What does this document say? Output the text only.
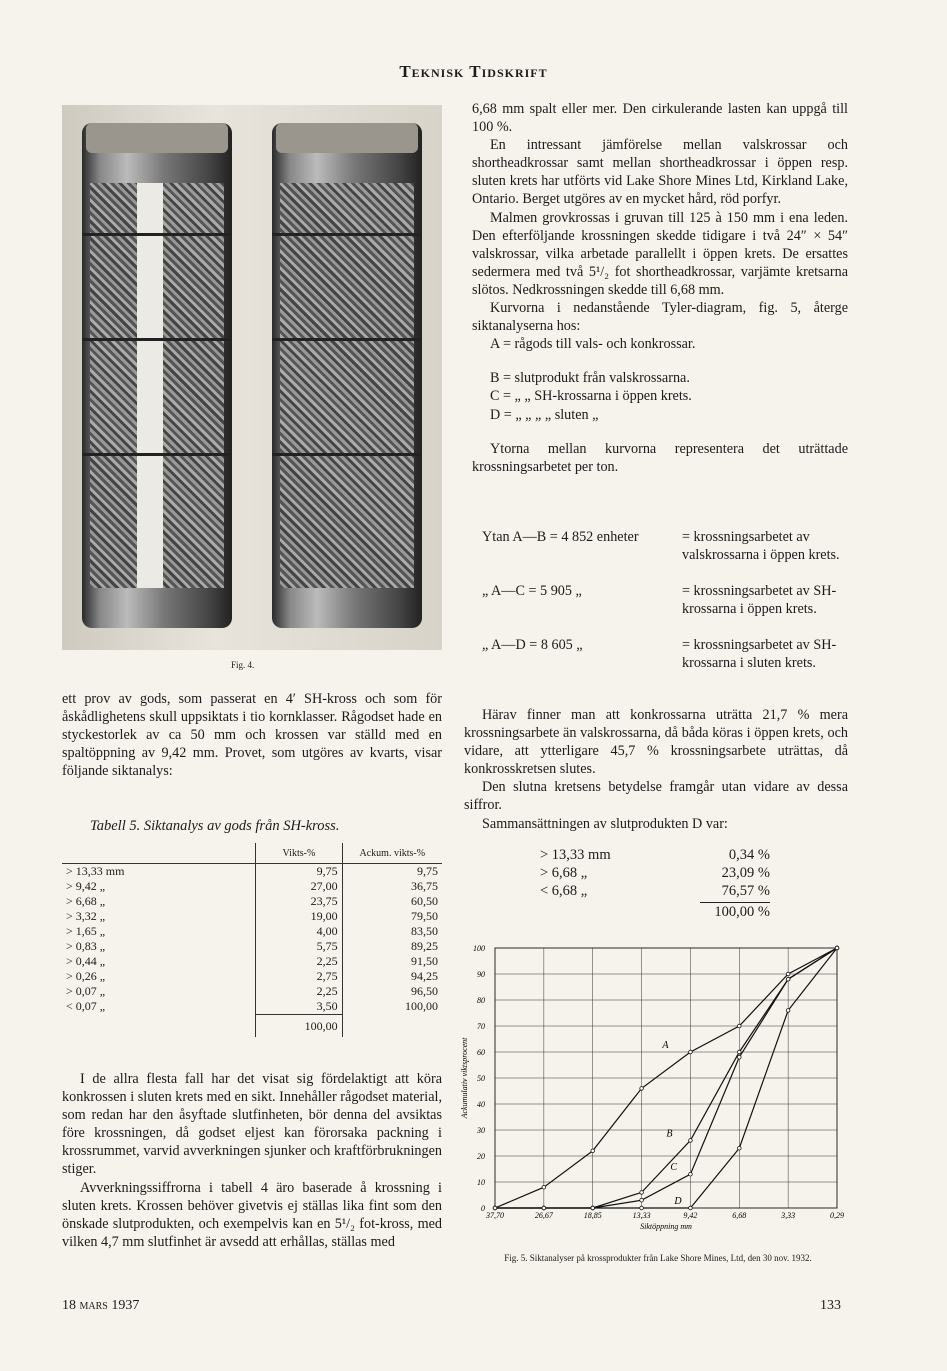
Teknisk Tidskrift
Fig. 4.

ett prov av gods, som passerat en 4′ SH-kross och som för åskådlighetens skull uppsiktats i tio kornklasser. Rågodset hade en styckestorlek av ca 50 mm och krossen var ställd med en spaltöppning av 9,42 mm. Provet, som utgöres av kvarts, visar följande siktanalys:

Tabell 5. Siktanalys av gods från SH-kross.
	Vikts-%	Ackum. vikts-%
> 13,33 mm	9,75	9,75
> 9,42 „	27,00	36,75
> 6,68 „	23,75	60,50
> 3,32 „	19,00	79,50
> 1,65 „	4,00	83,50
> 0,83 „	5,75	89,25
> 0,44 „	2,25	91,50
> 0,26 „	2,75	94,25
> 0,07 „	2,25	96,50
< 0,07 „	3,50	100,00
	100,00	

I de allra flesta fall har det visat sig fördelaktigt att köra konkrossen i sluten krets med en sikt. Innehåller rågodset material, som redan har den åsyftade slutfinheten, bör denna del avsiktas före krossningen, då godset eljest kan förorsaka packning i krossrummet, varvid avverkningen sjunker och kraftförbrukningen stiger.

Avverkningssiffrorna i tabell 4 äro baserade å krossning i sluten krets. Krossen behöver givetvis ej ställas lika fint som den önskade slutprodukten, och exempelvis kan en 5¹/₂ fot-kross, med vilken 4,7 mm slutfinhet är avsedd att erhållas, ställas med

6,68 mm spalt eller mer. Den cirkulerande lasten kan uppgå till 100 %.

En intressant jämförelse mellan valskrossar och shortheadkrossar samt mellan shortheadkrossar i öppen resp. sluten krets har utförts vid Lake Shore Mines Ltd, Kirkland Lake, Ontario. Berget utgöres av en mycket hård, röd porfyr.

Malmen grovkrossas i gruvan till 125 à 150 mm i ena leden. Den efterföljande krossningen skedde tidigare i två 24″ × 54″ valskrossar, vilka arbetade parallellt i öppen krets. De ersattes sedermera med två 5¹/₂ fot shortheadkrossar, varjämte kretsarna slötos. Nedkrossningen skedde till 6,68 mm.

Kurvorna i nedanstående Tyler-diagram, fig. 5, återge siktanalyserna hos:

A = rågods till vals- och konkrossar.

B = slutprodukt från valskrossarna.

C = „ „ SH-krossarna i öppen krets.

D = „ „ „ „ sluten „

Ytorna mellan kurvorna representera det uträttade krossningsarbetet per ton.

Ytan A—B = 4 852 enheter	= krossningsarbetet av valskrossarna i öppen krets.
„ A—C = 5 905 „	= krossningsarbetet av SH-krossarna i öppen krets.
„ A—D = 8 605 „	= krossningsarbetet av SH-krossarna i sluten krets.

Härav finner man att konkrossarna uträtta 21,7 % mera krossningsarbete än valskrossarna, då båda köras i öppen krets, och vidare, att ytterligare 45,7 % krossningsarbete uträttas, då konkrosskretsen slutes.

Den slutna kretsens betydelse framgår utan vidare av dessa siffror.

Sammansättningen av slutprodukten D var:

> 13,33 mm	0,34 %
> 6,68 „	23,09 %
< 6,68 „	76,57 %
100,00 %
0
10
20
30
40
50
60
70
80
90
100
37,70	26,67	18,85	13,33	9,42	6,68	3,33	0,29
Siktöppning mm
Ackumulativ viktsprocent	A
B
C
D
Fig. 5. Siktanalyser på krossprodukter från Lake Shore Mines, Ltd, den 30 nov. 1932.
18 mars 1937	133
